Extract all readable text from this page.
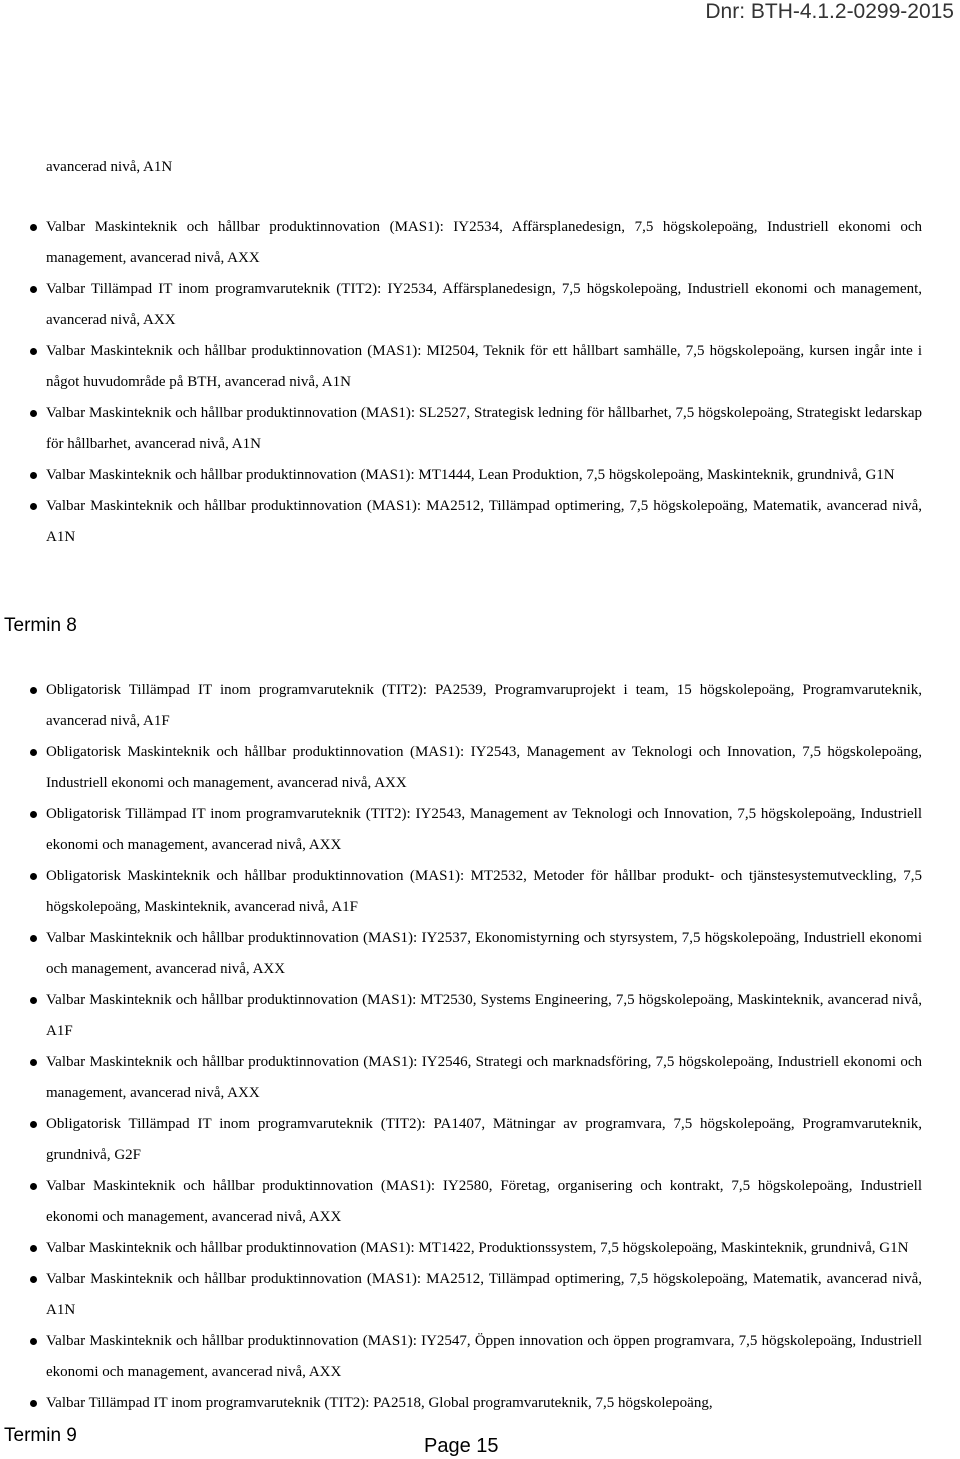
Dnr: BTH-4.1.2-0299-2015
avancerad nivå, A1N
Valbar Maskinteknik och hållbar produktinnovation (MAS1): IY2534, Affärsplanedesign, 7,5 högskolepoäng, Industriell ekonomi och management, avancerad nivå, AXX
Valbar Tillämpad IT inom programvaruteknik (TIT2): IY2534, Affärsplanedesign, 7,5 högskolepoäng, Industriell ekonomi och management, avancerad nivå, AXX
Valbar Maskinteknik och hållbar produktinnovation (MAS1): MI2504, Teknik för ett hållbart samhälle, 7,5 högskolepoäng, kursen ingår inte i något huvudområde på BTH, avancerad nivå, A1N
Valbar Maskinteknik och hållbar produktinnovation (MAS1): SL2527, Strategisk ledning för hållbarhet, 7,5 högskolepoäng, Strategiskt ledarskap för hållbarhet, avancerad nivå, A1N
Valbar Maskinteknik och hållbar produktinnovation (MAS1): MT1444, Lean Produktion, 7,5 högskolepoäng, Maskinteknik, grundnivå, G1N
Valbar Maskinteknik och hållbar produktinnovation (MAS1): MA2512, Tillämpad optimering, 7,5 högskolepoäng, Matematik, avancerad nivå, A1N
Termin 8
Obligatorisk Tillämpad IT inom programvaruteknik (TIT2): PA2539, Programvaruprojekt i team, 15 högskolepoäng, Programvaruteknik, avancerad nivå, A1F
Obligatorisk Maskinteknik och hållbar produktinnovation (MAS1): IY2543, Management av Teknologi och Innovation, 7,5 högskolepoäng, Industriell ekonomi och management, avancerad nivå, AXX
Obligatorisk Tillämpad IT inom programvaruteknik (TIT2): IY2543, Management av Teknologi och Innovation, 7,5 högskolepoäng, Industriell ekonomi och management, avancerad nivå, AXX
Obligatorisk Maskinteknik och hållbar produktinnovation (MAS1): MT2532, Metoder för hållbar produkt- och tjänstesystemutveckling, 7,5 högskolepoäng, Maskinteknik, avancerad nivå, A1F
Valbar Maskinteknik och hållbar produktinnovation (MAS1): IY2537, Ekonomistyrning och styrsystem, 7,5 högskolepoäng, Industriell ekonomi och management, avancerad nivå, AXX
Valbar Maskinteknik och hållbar produktinnovation (MAS1): MT2530, Systems Engineering, 7,5 högskolepoäng, Maskinteknik, avancerad nivå, A1F
Valbar Maskinteknik och hållbar produktinnovation (MAS1): IY2546, Strategi och marknadsföring, 7,5 högskolepoäng, Industriell ekonomi och management, avancerad nivå, AXX
Obligatorisk Tillämpad IT inom programvaruteknik (TIT2): PA1407, Mätningar av programvara, 7,5 högskolepoäng, Programvaruteknik, grundnivå, G2F
Valbar Maskinteknik och hållbar produktinnovation (MAS1): IY2580, Företag, organisering och kontrakt, 7,5 högskolepoäng, Industriell ekonomi och management, avancerad nivå, AXX
Valbar Maskinteknik och hållbar produktinnovation (MAS1): MT1422, Produktionssystem, 7,5 högskolepoäng, Maskinteknik, grundnivå, G1N
Valbar Maskinteknik och hållbar produktinnovation (MAS1): MA2512, Tillämpad optimering, 7,5 högskolepoäng, Matematik, avancerad nivå, A1N
Valbar Maskinteknik och hållbar produktinnovation (MAS1): IY2547, Öppen innovation och öppen programvara, 7,5 högskolepoäng, Industriell ekonomi och management, avancerad nivå, AXX
Valbar Tillämpad IT inom programvaruteknik (TIT2): PA2518, Global programvaruteknik, 7,5 högskolepoäng,
Termin 9	Page 15
